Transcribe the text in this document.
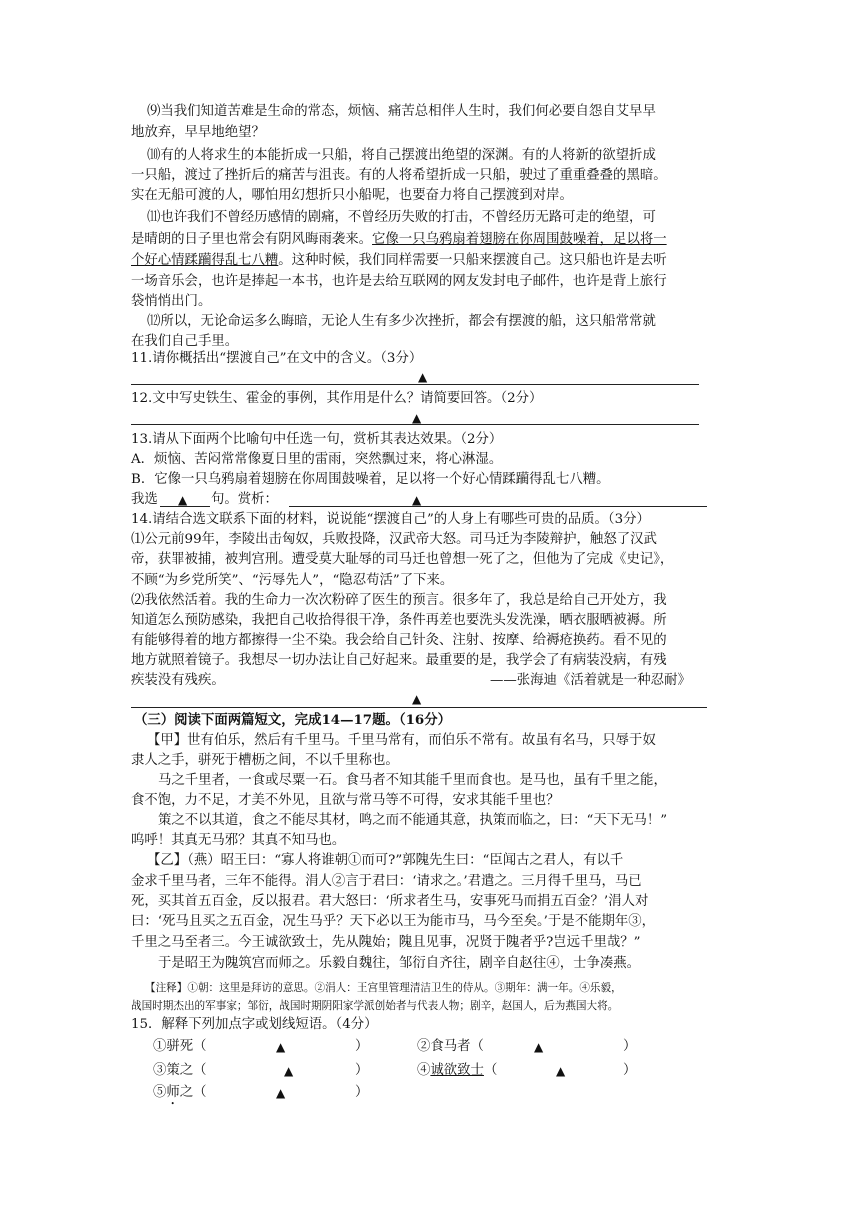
⑼当我们知道苦难是生命的常态，烦恼、痛苦总相伴人生时，我们何必要自怨自艾早早
地放弃，早早地绝望？
⑽有的人将求生的本能折成一只船，将自己摆渡出绝望的深渊。有的人将新的欲望折成
一只船，渡过了挫折后的痛苦与沮丧。有的人将希望折成一只船，驶过了重重叠叠的黑暗。
实在无船可渡的人，哪怕用幻想折只小船呢，也要奋力将自己摆渡到对岸。
⑾也许我们不曾经历感情的剧痛，不曾经历失败的打击，不曾经历无路可走的绝望，可
是晴朗的日子里也常会有阴风晦雨袭来。它像一只乌鸦扇着翅膀在你周围鼓噪着，足以将一
个好心情蹂躏得乱七八糟。这种时候，我们同样需要一只船来摆渡自己。这只船也许是去听
一场音乐会，也许是捧起一本书，也许是去给互联网的网友发封电子邮件，也许是背上旅行
袋悄悄出门。
⑿所以，无论命运多么晦暗，无论人生有多少次挫折，都会有摆渡的船，这只船常常就
在我们自己手里。
11.请你概括出“摆渡自己”在文中的含义。（3分）
▲
12.文中写史铁生、霍金的事例，其作用是什么？请简要回答。（2分）
▲
13.请从下面两个比喻句中任选一句，赏析其表达效果。（2分）
A．烦恼、苦闷常常像夏日里的雷雨，突然飘过来，将心淋湿。
B．它像一只乌鸦扇着翅膀在你周围鼓噪着，足以将一个好心情蹂躏得乱七八糟。
我选 ▲ 句。赏析：	▲
14.请结合选文联系下面的材料，说说能“摆渡自己”的人身上有哪些可贵的品质。（3分）
⑴公元前99年，李陵出击匈奴，兵败投降，汉武帝大怒。司马迁为李陵辩护，触怒了汉武
帝，获罪被捕，被判宫刑。遭受莫大耻辱的司马迁也曾想一死了之，但他为了完成《史记》，
不顾“为乡党所笑”、“污辱先人”，“隐忍苟活”了下来。
⑵我依然活着。我的生命力一次次粉碎了医生的预言。很多年了，我总是给自己开处方，我
知道怎么预防感染，我把自己收拾得很干净，条件再差也要洗头发洗澡，晒衣服晒被褥。所
有能够得着的地方都擦得一尘不染。我会给自己针灸、注射、按摩、给褥疮换药。看不见的
地方就照着镜子。我想尽一切办法让自己好起来。最重要的是，我学会了有病装没病，有残
疾装没有残疾。	——张海迪《活着就是一种忍耐》
▲
（三）阅读下面两篇短文，完成14—17题。（16分）
【甲】世有伯乐，然后有千里马。千里马常有，而伯乐不常有。故虽有名马，只辱于奴
隶人之手，骈死于槽枥之间，不以千里称也。
马之千里者，一食或尽粟一石。食马者不知其能千里而食也。是马也，虽有千里之能，
食不饱，力不足，才美不外见，且欲与常马等不可得，安求其能千里也？
策之不以其道，食之不能尽其材，鸣之而不能通其意，执策而临之，曰：“天下无马！”
呜呼！其真无马邪？其真不知马也。
【乙】（燕）昭王曰：“寡人将谁朝①而可?”郭隗先生曰：“臣闻古之君人，有以千
金求千里马者，三年不能得。涓人②言于君曰：‘请求之。’君遣之。三月得千里马，马已
死，买其首五百金，反以报君。君大怒曰：‘所求者生马，安事死马而捐五百金？’涓人对
曰：‘死马且买之五百金，况生马乎？天下必以王为能市马，马今至矣。’于是不能期年③，
千里之马至者三。今王诚欲致士，先从隗始；隗且见事，况贤于隗者乎?岂远千里哉？”
于是昭王为隗筑宫而师之。乐毅自魏往，邹衍自齐往，剧辛自赵往④，士争凑燕。
【注释】①朝：这里是拜访的意思。②涓人：王宫里管理清洁卫生的侍从。③期年：满一年。④乐毅，
战国时期杰出的军事家；邹衍，战国时期阴阳家学派创始者与代表人物；剧辛，赵国人，后为燕国大将。
15．解释下列加点字或划线短语。（4分）
①骈死（	▲	）	②食马者（	▲	）
③策之（	▲	）	④诚欲致士（	▲	）
⑤师之（	▲	）
